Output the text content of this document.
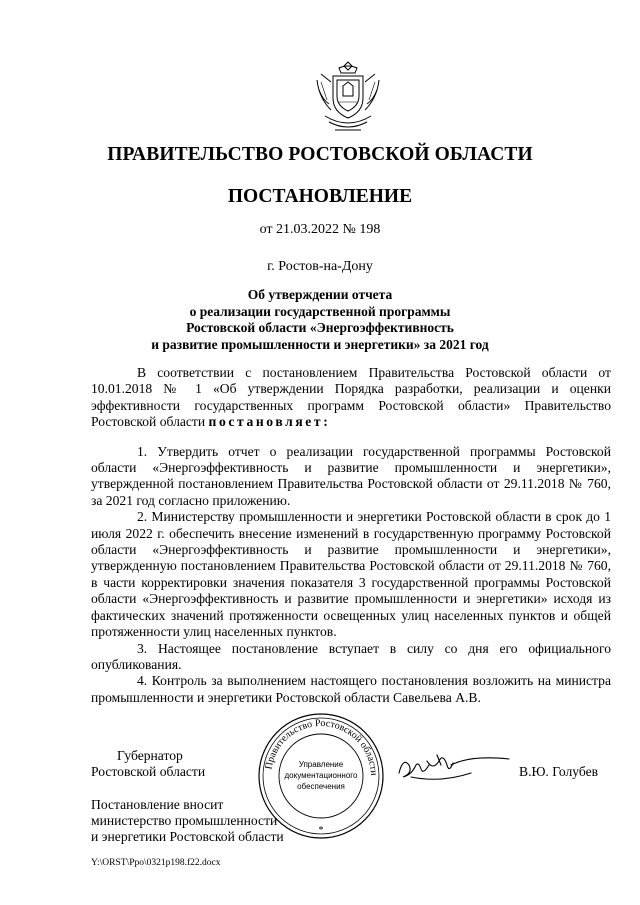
ПРАВИТЕЛЬСТВО РОСТОВСКОЙ ОБЛАСТИ
ПОСТАНОВЛЕНИЕ
от 21.03.2022 № 198
г. Ростов-на-Дону
Об утверждении отчета
о реализации государственной программы
Ростовской области «Энергоэффективность
и развитие промышленности и энергетики» за 2021 год

В соответствии с постановлением Правительства Ростовской области от 10.01.2018 № 1 «Об утверждении Порядка разработки, реализации и оценки эффективности государственных программ Ростовской области» Правительство Ростовской области постановляет:

1. Утвердить отчет о реализации государственной программы Ростовской области «Энергоэффективность и развитие промышленности и энергетики», утвержденной постановлением Правительства Ростовской области от 29.11.2018 № 760, за 2021 год согласно приложению.

2. Министерству промышленности и энергетики Ростовской области в срок до 1 июля 2022 г. обеспечить внесение изменений в государственную программу Ростовской области «Энергоэффективность и развитие промышленности и энергетики», утвержденную постановлением Правительства Ростовской области от 29.11.2018 № 760, в части корректировки значения показателя 3 государственной программы Ростовской области «Энергоэффективность и развитие промышленности и энергетики» исходя из фактических значений протяженности освещенных улиц населенных пунктов и общей протяженности улиц населенных пунктов.

3. Настоящее постановление вступает в силу со дня его официального опубликования.

4. Контроль за выполнением настоящего постановления возложить на министра промышленности и энергетики Ростовской области Савельева А.В.

Губернатор
Ростовской области	В.Ю. Голубев
Постановление вносит
министерство промышленности
и энергетики Ростовской области
Правительство Ростовской области
Управление
документационного
обеспечения
*
Y:\ORST\Ppo\0321p198.f22.docx
